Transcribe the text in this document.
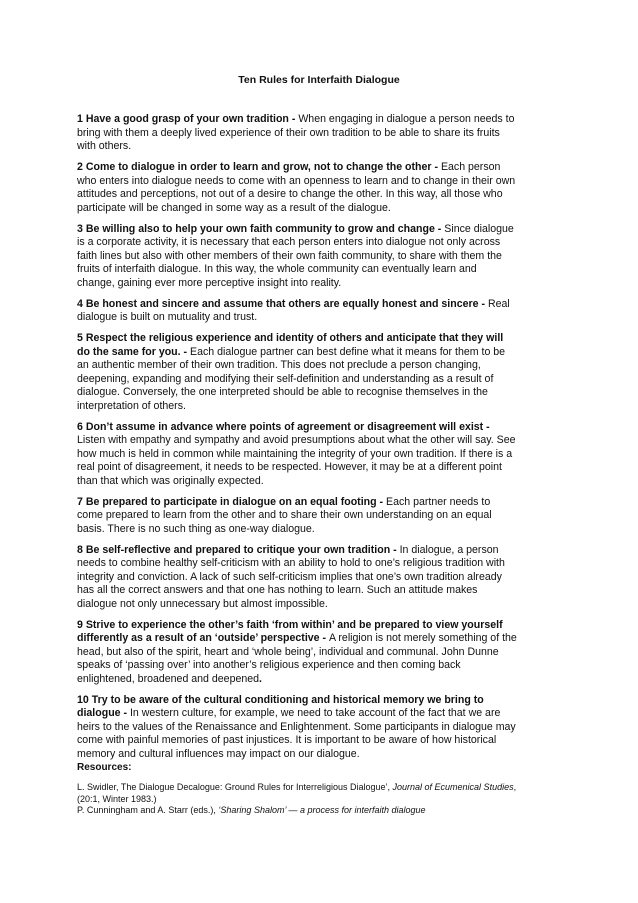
Ten Rules for Interfaith Dialogue

1 Have a good grasp of your own tradition - When engaging in dialogue a person needs to bring with them a deeply lived experience of their own tradition to be able to share its fruits with others.

2 Come to dialogue in order to learn and grow, not to change the other - Each person who enters into dialogue needs to come with an openness to learn and to change in their own attitudes and perceptions, not out of a desire to change the other. In this way, all those who participate will be changed in some way as a result of the dialogue.

3 Be willing also to help your own faith community to grow and change - Since dialogue is a corporate activity, it is necessary that each person enters into dialogue not only across faith lines but also with other members of their own faith community, to share with them the fruits of interfaith dialogue. In this way, the whole community can eventually learn and change, gaining ever more perceptive insight into reality.

4 Be honest and sincere and assume that others are equally honest and sincere - Real dialogue is built on mutuality and trust.

5 Respect the religious experience and identity of others and anticipate that they will do the same for you. - Each dialogue partner can best define what it means for them to be an authentic member of their own tradition. This does not preclude a person changing, deepening, expanding and modifying their self-definition and understanding as a result of dialogue. Conversely, the one interpreted should be able to recognise themselves in the interpretation of others.

6 Don’t assume in advance where points of agreement or disagreement will exist - Listen with empathy and sympathy and avoid presumptions about what the other will say. See how much is held in common while maintaining the integrity of your own tradition. If there is a real point of disagreement, it needs to be respected. However, it may be at a different point than that which was originally expected.

7 Be prepared to participate in dialogue on an equal footing - Each partner needs to come prepared to learn from the other and to share their own understanding on an equal basis. There is no such thing as one-way dialogue.

8 Be self-reflective and prepared to critique your own tradition - In dialogue, a person needs to combine healthy self-criticism with an ability to hold to one’s religious tradition with integrity and conviction. A lack of such self-criticism implies that one’s own tradition already has all the correct answers and that one has nothing to learn. Such an attitude makes dialogue not only unnecessary but almost impossible.

9 Strive to experience the other’s faith ‘from within’ and be prepared to view yourself differently as a result of an ‘outside’ perspective - A religion is not merely something of the head, but also of the spirit, heart and ‘whole being’, individual and communal. John Dunne speaks of ‘passing over’ into another’s religious experience and then coming back enlightened, broadened and deepened.

10 Try to be aware of the cultural conditioning and historical memory we bring to dialogue - In western culture, for example, we need to take account of the fact that we are heirs to the values of the Renaissance and Enlightenment. Some participants in dialogue may come with painful memories of past injustices. It is important to be aware of how historical memory and cultural influences may impact on our dialogue.

Resources:

L. Swidler, The Dialogue Decalogue: Ground Rules for Interreligious Dialogue’, Journal of Ecumenical Studies, (20:1, Winter 1983.)

P. Cunningham and A. Starr (eds.), ‘Sharing Shalom’ — a process for interfaith dialogue
